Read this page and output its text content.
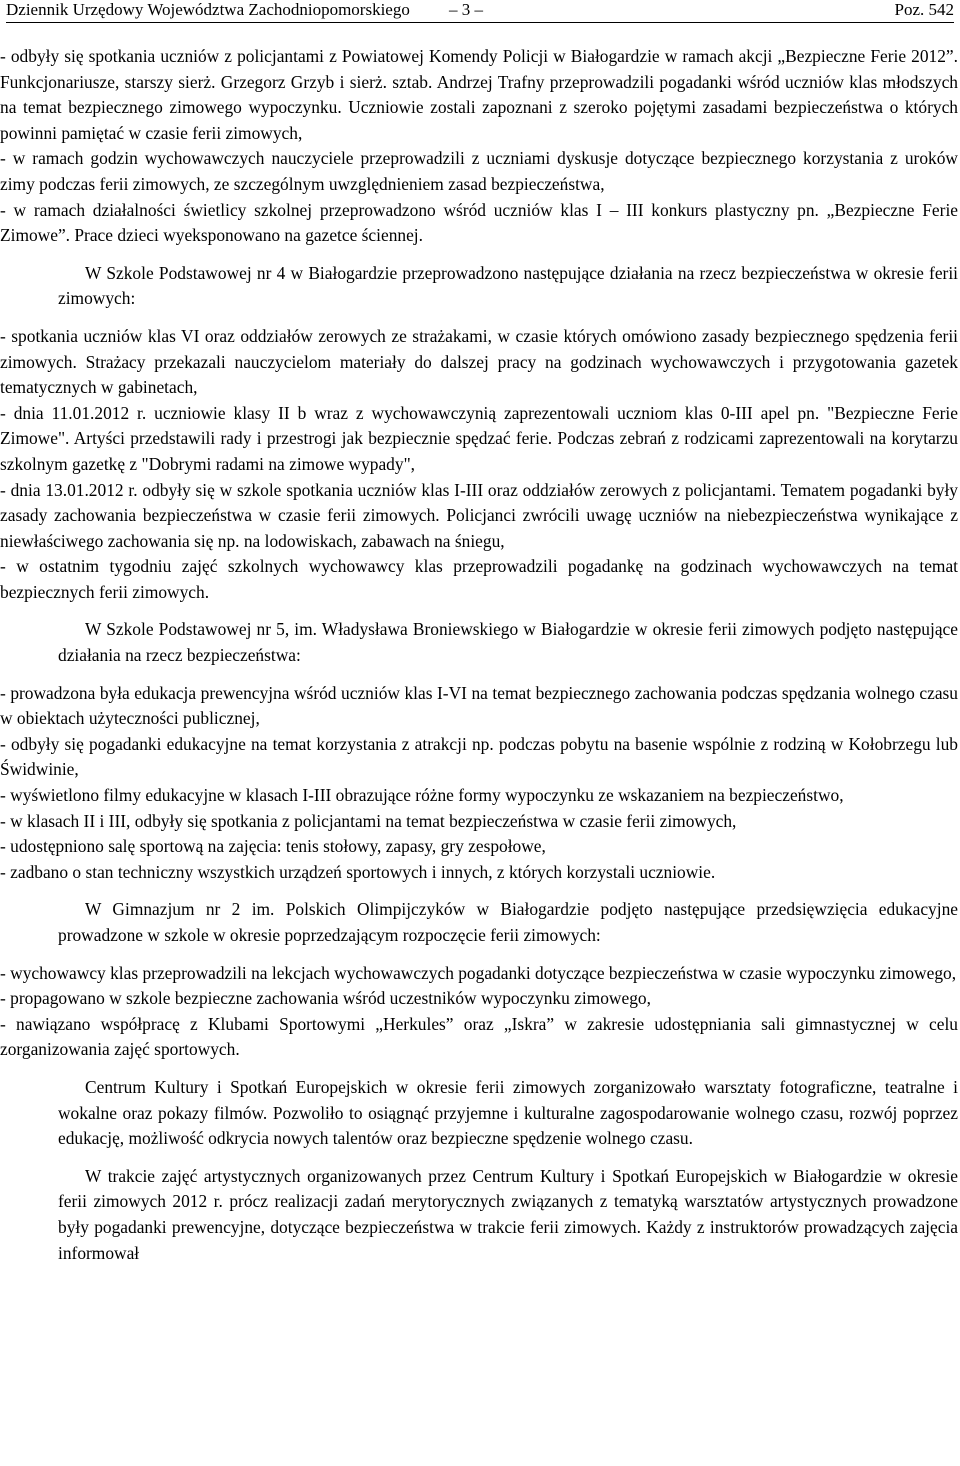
Dziennik Urzędowy Województwa Zachodniopomorskiego – 3 –	Poz. 542

- odbyły się spotkania uczniów z policjantami z Powiatowej Komendy Policji w Białogardzie w ramach akcji „Bezpieczne Ferie 2012”. Funkcjonariusze, starszy sierż. Grzegorz Grzyb i sierż. sztab. Andrzej Trafny przeprowadzili pogadanki wśród uczniów klas młodszych na temat bezpiecznego zimowego wypoczynku. Uczniowie zostali zapoznani z szeroko pojętymi zasadami bezpieczeństwa o których powinni pamiętać w czasie ferii zimowych,

- w ramach godzin wychowawczych nauczyciele przeprowadzili z uczniami dyskusje dotyczące bezpiecznego korzystania z uroków zimy podczas ferii zimowych, ze szczególnym uwzględnieniem zasad bezpieczeństwa,

- w ramach działalności świetlicy szkolnej przeprowadzono wśród uczniów klas I – III konkurs plastyczny pn. „Bezpieczne Ferie Zimowe”. Prace dzieci wyeksponowano na gazetce ściennej.

W Szkole Podstawowej nr 4 w Białogardzie przeprowadzono następujące działania na rzecz bezpieczeństwa w okresie ferii zimowych:

- spotkania uczniów klas VI oraz oddziałów zerowych ze strażakami, w czasie których omówiono zasady bezpiecznego spędzenia ferii zimowych. Strażacy przekazali nauczycielom materiały do dalszej pracy na godzinach wychowawczych i przygotowania gazetek tematycznych w gabinetach,

- dnia 11.01.2012 r. uczniowie klasy II b wraz z wychowawczynią zaprezentowali uczniom klas 0-III apel pn. "Bezpieczne Ferie Zimowe". Artyści przedstawili rady i przestrogi jak bezpiecznie spędzać ferie. Podczas zebrań z rodzicami zaprezentowali na korytarzu szkolnym gazetkę z "Dobrymi radami na zimowe wypady",

- dnia 13.01.2012 r. odbyły się w szkole spotkania uczniów klas I-III oraz oddziałów zerowych z policjantami. Tematem pogadanki były zasady zachowania bezpieczeństwa w czasie ferii zimowych. Policjanci zwrócili uwagę uczniów na niebezpieczeństwa wynikające z niewłaściwego zachowania się np. na lodowiskach, zabawach na śniegu,

- w ostatnim tygodniu zajęć szkolnych wychowawcy klas przeprowadzili pogadankę na godzinach wychowawczych na temat bezpiecznych ferii zimowych.

W Szkole Podstawowej nr 5, im. Władysława Broniewskiego w Białogardzie w okresie ferii zimowych podjęto następujące działania na rzecz bezpieczeństwa:

- prowadzona była edukacja prewencyjna wśród uczniów klas I-VI na temat bezpiecznego zachowania podczas spędzania wolnego czasu w obiektach użyteczności publicznej,

- odbyły się pogadanki edukacyjne na temat korzystania z atrakcji np. podczas pobytu na basenie wspólnie z rodziną w Kołobrzegu lub Świdwinie,

- wyświetlono filmy edukacyjne w klasach I-III obrazujące różne formy wypoczynku ze wskazaniem na bezpieczeństwo,

- w klasach II i III, odbyły się spotkania z policjantami na temat bezpieczeństwa w czasie ferii zimowych,

- udostępniono salę sportową na zajęcia: tenis stołowy, zapasy, gry zespołowe,

- zadbano o stan techniczny wszystkich urządzeń sportowych i innych, z których korzystali uczniowie.

W Gimnazjum nr 2 im. Polskich Olimpijczyków w Białogardzie podjęto następujące przedsięwzięcia edukacyjne prowadzone w szkole w okresie poprzedzającym rozpoczęcie ferii zimowych:

- wychowawcy klas przeprowadzili na lekcjach wychowawczych pogadanki dotyczące bezpieczeństwa w czasie wypoczynku zimowego,

- propagowano w szkole bezpieczne zachowania wśród uczestników wypoczynku zimowego,

- nawiązano współpracę z Klubami Sportowymi „Herkules” oraz „Iskra” w zakresie udostępniania sali gimnastycznej w celu zorganizowania zajęć sportowych.

Centrum Kultury i Spotkań Europejskich w okresie ferii zimowych zorganizowało warsztaty fotograficzne, teatralne i wokalne oraz pokazy filmów. Pozwoliło to osiągnąć przyjemne i kulturalne zagospodarowanie wolnego czasu, rozwój poprzez edukację, możliwość odkrycia nowych talentów oraz bezpieczne spędzenie wolnego czasu.

W trakcie zajęć artystycznych organizowanych przez Centrum Kultury i Spotkań Europejskich w Białogardzie w okresie ferii zimowych 2012 r. prócz realizacji zadań merytorycznych związanych z tematyką warsztatów artystycznych prowadzone były pogadanki prewencyjne, dotyczące bezpieczeństwa w trakcie ferii zimowych. Każdy z instruktorów prowadzących zajęcia informował
